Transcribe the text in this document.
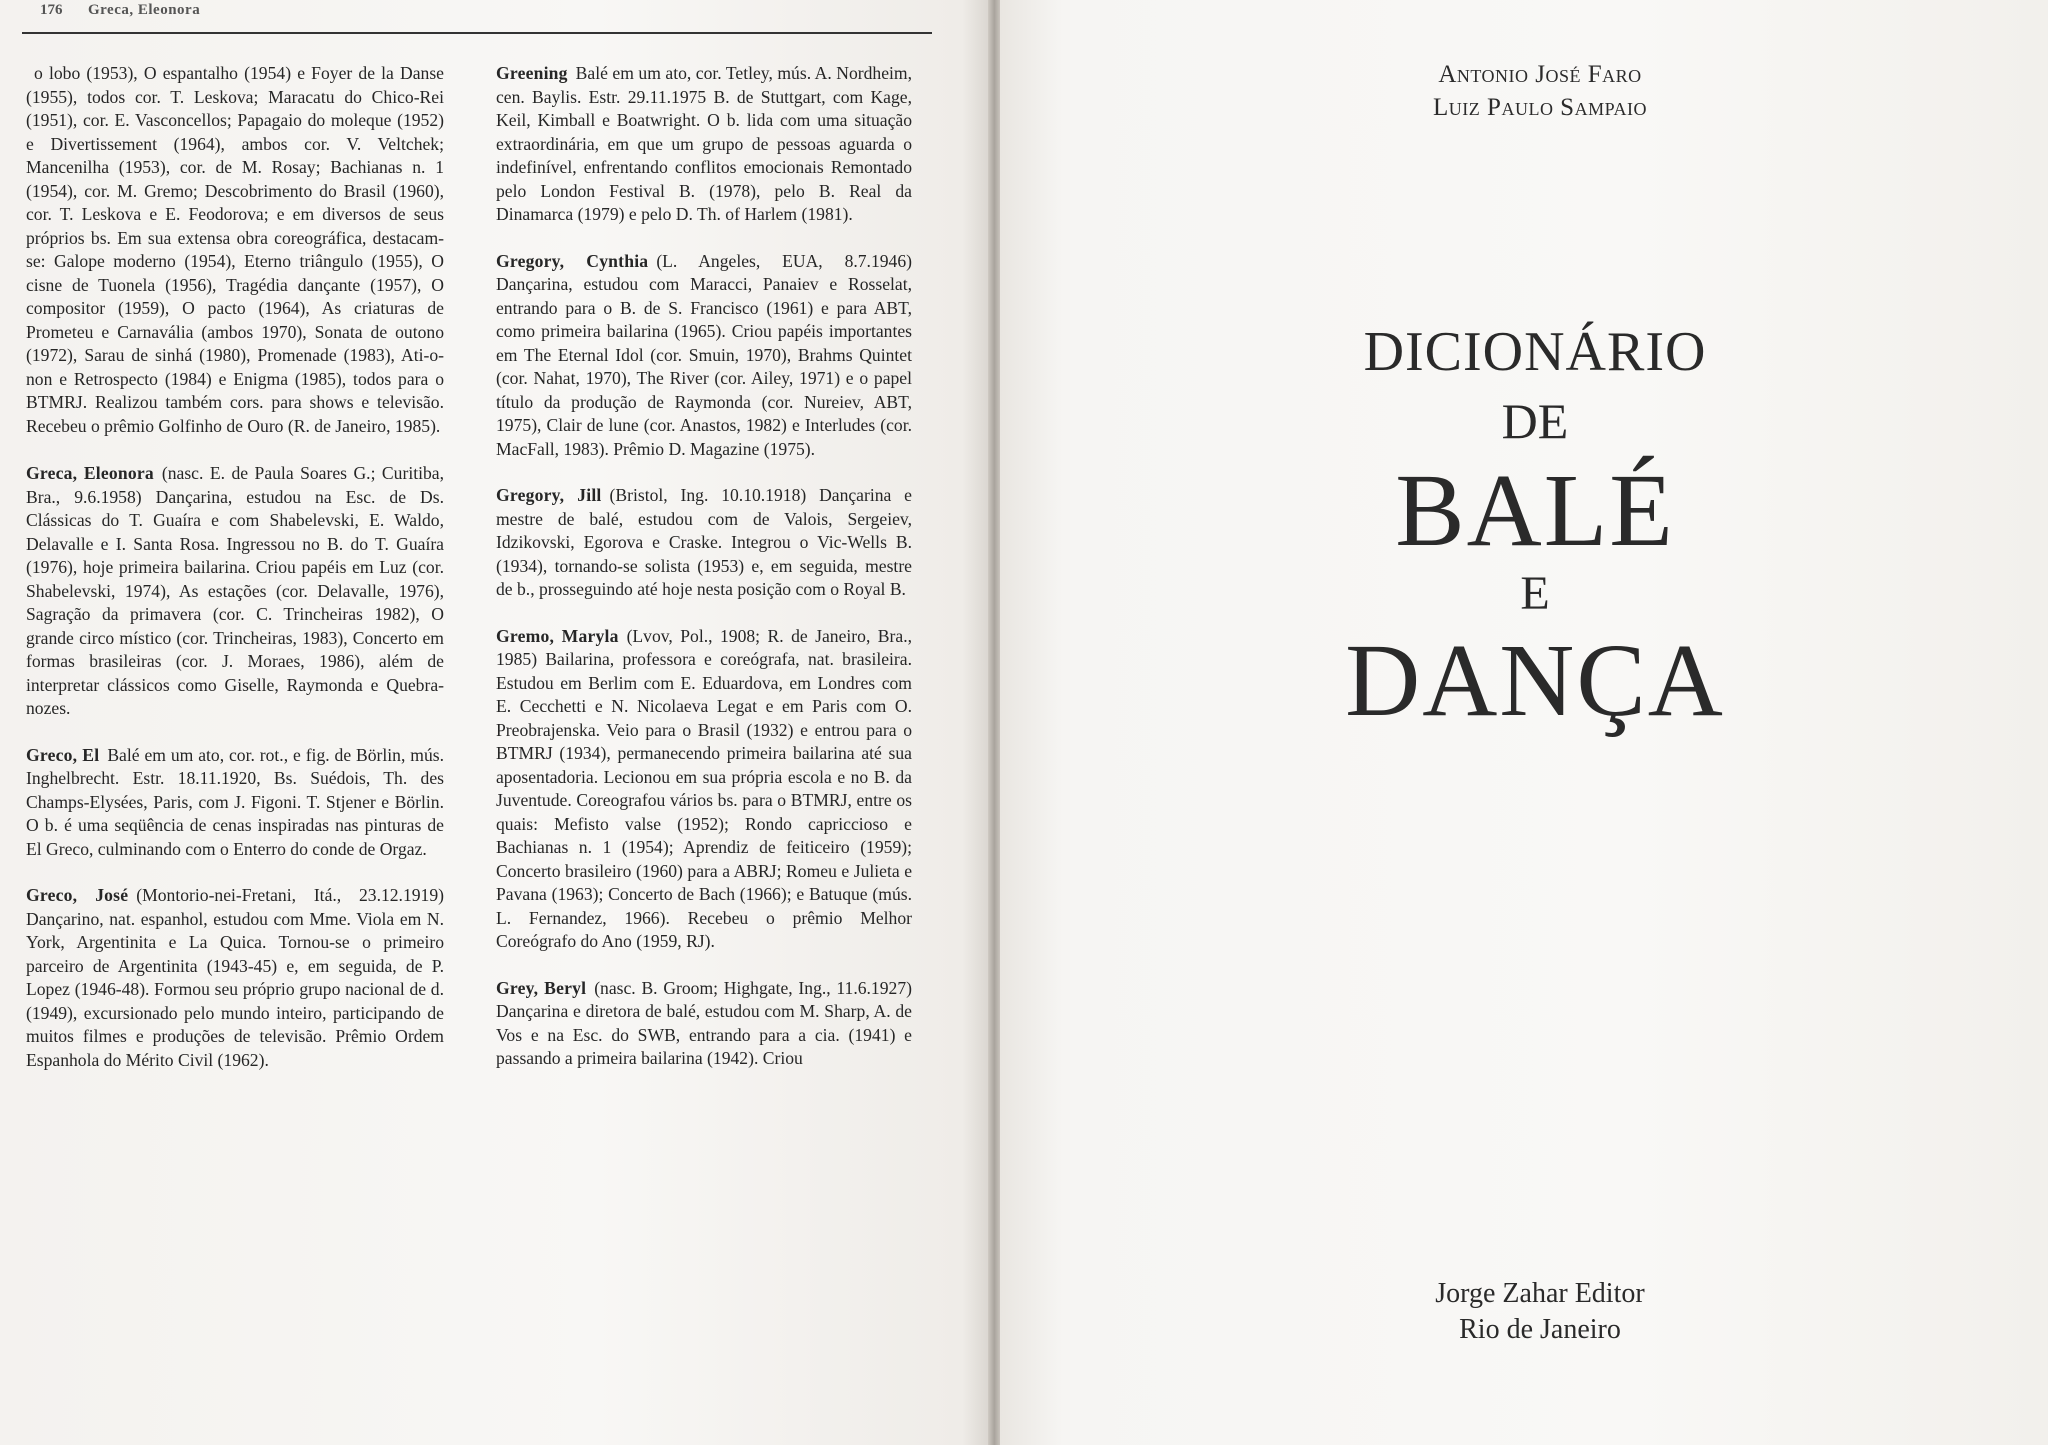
176 Greca, Eleonora

o lobo (1953), O espantalho (1954) e Foyer de la Danse (1955), todos cor. T. Leskova; Maracatu do Chico-Rei (1951), cor. E. Vasconcellos; Papagaio do moleque (1952) e Divertissement (1964), ambos cor. V. Veltchek; Mancenilha (1953), cor. de M. Rosay; Bachianas n. 1 (1954), cor. M. Gremo; Descobrimento do Brasil (1960), cor. T. Leskova e E. Feodorova; e em diversos de seus próprios bs. Em sua extensa obra coreográfica, destacam-se: Galope moderno (1954), Eterno triângulo (1955), O cisne de Tuonela (1956), Tragédia dançante (1957), O compositor (1959), O pacto (1964), As criaturas de Prometeu e Carnavália (ambos 1970), Sonata de outono (1972), Sarau de sinhá (1980), Promenade (1983), Ati-o-non e Retrospecto (1984) e Enigma (1985), todos para o BTMRJ. Realizou também cors. para shows e televisão. Recebeu o prêmio Golfinho de Ouro (R. de Janeiro, 1985).

Greca, Eleonora (nasc. E. de Paula Soares G.; Curitiba, Bra., 9.6.1958) Dançarina, estudou na Esc. de Ds. Clássicas do T. Guaíra e com Shabelevski, E. Waldo, Delavalle e I. Santa Rosa. Ingressou no B. do T. Guaíra (1976), hoje primeira bailarina. Criou papéis em Luz (cor. Shabelevski, 1974), As estações (cor. Delavalle, 1976), Sagração da primavera (cor. C. Trincheiras 1982), O grande circo místico (cor. Trincheiras, 1983), Concerto em formas brasileiras (cor. J. Moraes, 1986), além de interpretar clássicos como Giselle, Raymonda e Quebra-nozes.

Greco, El Balé em um ato, cor. rot., e fig. de Börlin, mús. Inghelbrecht. Estr. 18.11.1920, Bs. Suédois, Th. des Champs-Elysées, Paris, com J. Figoni. T. Stjener e Börlin. O b. é uma seqüência de cenas inspiradas nas pinturas de El Greco, culminando com o Enterro do conde de Orgaz.

Greco, José (Montorio-nei-Fretani, Itá., 23.12.1919) Dançarino, nat. espanhol, estudou com Mme. Viola em N. York, Argentinita e La Quica. Tornou-se o primeiro parceiro de Argentinita (1943-45) e, em seguida, de P. Lopez (1946-48). Formou seu próprio grupo nacional de d. (1949), excursionado pelo mundo inteiro, participando de muitos filmes e produções de televisão. Prêmio Ordem Espanhola do Mérito Civil (1962).

Greening Balé em um ato, cor. Tetley, mús. A. Nordheim, cen. Baylis. Estr. 29.11.1975 B. de Stuttgart, com Kage, Keil, Kimball e Boatwright. O b. lida com uma situação extraordinária, em que um grupo de pessoas aguarda o indefinível, enfrentando conflitos emocionais Remontado pelo London Festival B. (1978), pelo B. Real da Dinamarca (1979) e pelo D. Th. of Harlem (1981).

Gregory, Cynthia (L. Angeles, EUA, 8.7.1946) Dançarina, estudou com Maracci, Panaiev e Rosselat, entrando para o B. de S. Francisco (1961) e para ABT, como primeira bailarina (1965). Criou papéis importantes em The Eternal Idol (cor. Smuin, 1970), Brahms Quintet (cor. Nahat, 1970), The River (cor. Ailey, 1971) e o papel título da produção de Raymonda (cor. Nureiev, ABT, 1975), Clair de lune (cor. Anastos, 1982) e Interludes (cor. MacFall, 1983). Prêmio D. Magazine (1975).

Gregory, Jill (Bristol, Ing. 10.10.1918) Dançarina e mestre de balé, estudou com de Valois, Sergeiev, Idzikovski, Egorova e Craske. Integrou o Vic-Wells B. (1934), tornando-se solista (1953) e, em seguida, mestre de b., prosseguindo até hoje nesta posição com o Royal B.

Gremo, Maryla (Lvov, Pol., 1908; R. de Janeiro, Bra., 1985) Bailarina, professora e coreógrafa, nat. brasileira. Estudou em Berlim com E. Eduardova, em Londres com E. Cecchetti e N. Nicolaeva Legat e em Paris com O. Preobrajenska. Veio para o Brasil (1932) e entrou para o BTMRJ (1934), permanecendo primeira bailarina até sua aposentadoria. Lecionou em sua própria escola e no B. da Juventude. Coreografou vários bs. para o BTMRJ, entre os quais: Mefisto valse (1952); Rondo capriccioso e Bachianas n. 1 (1954); Aprendiz de feiticeiro (1959); Concerto brasileiro (1960) para a ABRJ; Romeu e Julieta e Pavana (1963); Concerto de Bach (1966); e Batuque (mús. L. Fernandez, 1966). Recebeu o prêmio Melhor Coreógrafo do Ano (1959, RJ).

Grey, Beryl (nasc. B. Groom; Highgate, Ing., 11.6.1927) Dançarina e diretora de balé, estudou com M. Sharp, A. de Vos e na Esc. do SWB, entrando para a cia. (1941) e passando a primeira bailarina (1942). Criou

Antonio José Faro
Luiz Paulo Sampaio
DICIONÁRIO
DE
BALÉ
E
DANÇA
Jorge Zahar Editor
Rio de Janeiro
